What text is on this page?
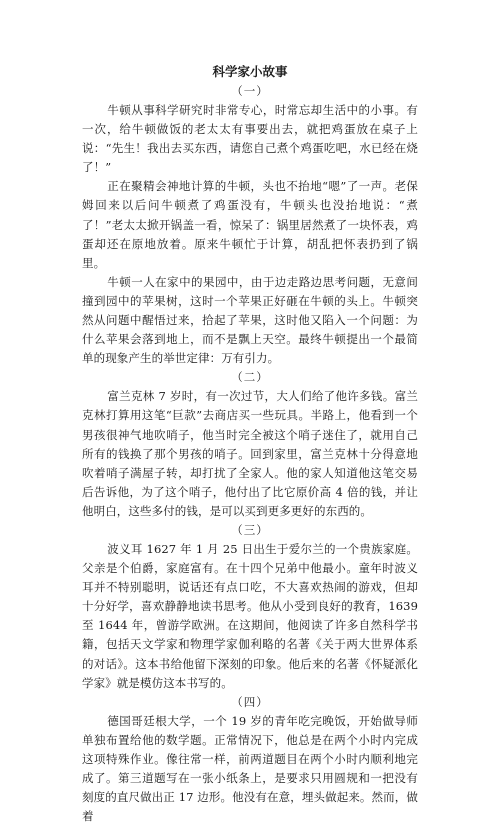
科学家小故事
（一）

牛顿从事科学研究时非常专心，时常忘却生活中的小事。有一次，给牛顿做饭的老太太有事要出去，就把鸡蛋放在桌子上说：“先生！我出去买东西，请您自己煮个鸡蛋吃吧，水已经在烧了！”

正在聚精会神地计算的牛顿，头也不抬地“嗯”了一声。老保姆回来以后问牛顿煮了鸡蛋没有，牛顿头也没抬地说：“煮了！”老太太掀开锅盖一看，惊呆了：锅里居然煮了一块怀表，鸡蛋却还在原地放着。原来牛顿忙于计算，胡乱把怀表扔到了锅里。

牛顿一人在家中的果园中，由于边走路边思考问题，无意间撞到园中的苹果树，这时一个苹果正好砸在牛顿的头上。牛顿突然从问题中醒悟过来，拾起了苹果，这时他又陷入一个问题：为什么苹果会落到地上，而不是飘上天空。最终牛顿提出一个最简单的现象产生的举世定律：万有引力。

（二）

富兰克林 7 岁时，有一次过节，大人们给了他许多钱。富兰克林打算用这笔“巨款”去商店买一些玩具。半路上，他看到一个男孩很神气地吹哨子，他当时完全被这个哨子迷住了，就用自己所有的钱换了那个男孩的哨子。回到家里，富兰克林十分得意地吹着哨子满屋子转，却打扰了全家人。他的家人知道他这笔交易后告诉他，为了这个哨子，他付出了比它原价高 4 倍的钱，并让他明白，这些多付的钱，是可以买到更多更好的东西的。

（三）

波义耳 1627 年 1 月 25 日出生于爱尔兰的一个贵族家庭。父亲是个伯爵，家庭富有。在十四个兄弟中他最小。童年时波义耳并不特别聪明，说话还有点口吃，不大喜欢热闹的游戏，但却十分好学，喜欢静静地读书思考。他从小受到良好的教育，1639 至 1644 年，曾游学欧洲。在这期间，他阅读了许多自然科学书籍，包括天文学家和物理学家伽利略的名著《关于两大世界体系的对话》。这本书给他留下深刻的印象。他后来的名著《怀疑派化学家》就是模仿这本书写的。

（四）

德国哥廷根大学，一个 19 岁的青年吃完晚饭，开始做导师单独布置给他的数学题。正常情况下，他总是在两个小时内完成这项特殊作业。像往常一样，前两道题目在两个小时内顺利地完成了。第三道题写在一张小纸条上，是要求只用圆规和一把没有刻度的直尺做出正 17 边形。他没有在意，埋头做起来。然而，做着
